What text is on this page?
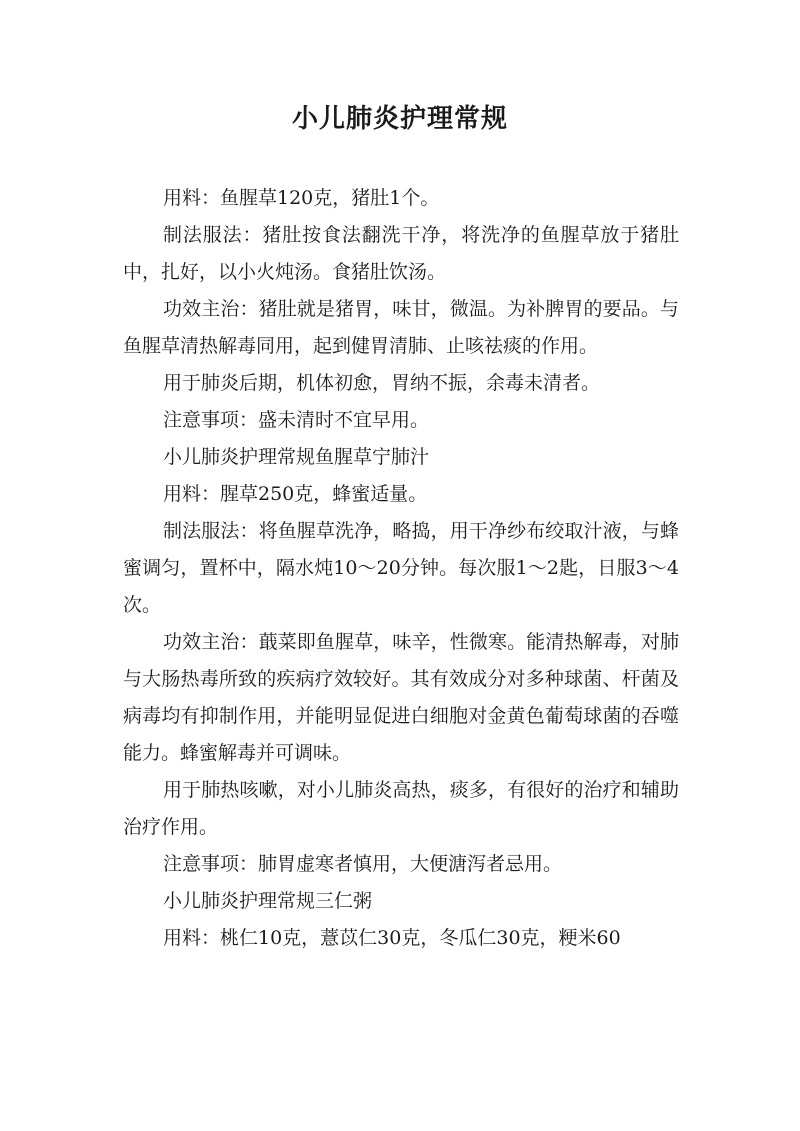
小儿肺炎护理常规

用料：鱼腥草120克，猪肚1个。

制法服法：猪肚按食法翻洗干净，将洗净的鱼腥草放于猪肚中，扎好，以小火炖汤。食猪肚饮汤。

功效主治：猪肚就是猪胃，味甘，微温。为补脾胃的要品。与鱼腥草清热解毒同用，起到健胃清肺、止咳祛痰的作用。

用于肺炎后期，机体初愈，胃纳不振，余毒未清者。

注意事项：盛未清时不宜早用。

小儿肺炎护理常规鱼腥草宁肺汁

用料：腥草250克，蜂蜜适量。

制法服法：将鱼腥草洗净，略捣，用干净纱布绞取汁液，与蜂蜜调匀，置杯中，隔水炖10～20分钟。每次服1～2匙，日服3～4次。

功效主治：蕺菜即鱼腥草，味辛，性微寒。能清热解毒，对肺与大肠热毒所致的疾病疗效较好。其有效成分对多种球菌、杆菌及病毒均有抑制作用，并能明显促进白细胞对金黄色葡萄球菌的吞噬能力。蜂蜜解毒并可调味。

用于肺热咳嗽，对小儿肺炎高热，痰多，有很好的治疗和辅助治疗作用。

注意事项：肺胃虚寒者慎用，大便溏泻者忌用。

小儿肺炎护理常规三仁粥

用料：桃仁10克，薏苡仁30克，冬瓜仁30克，粳米60
